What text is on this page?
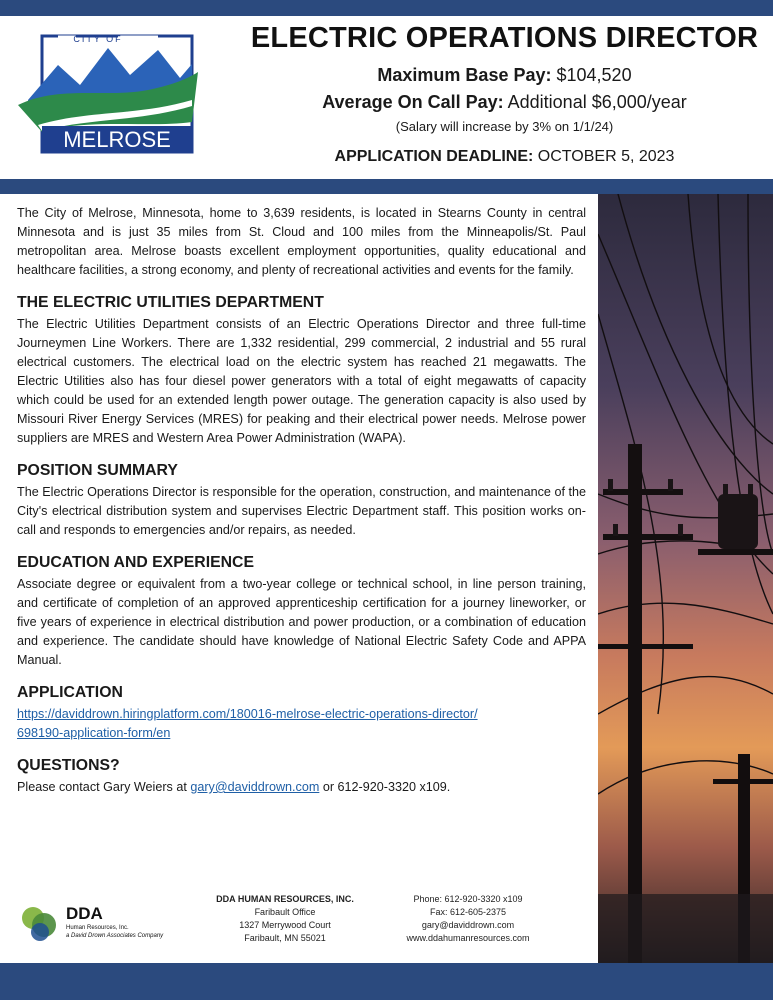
CITY OF
MELROSE
ELECTRIC OPERATIONS DIRECTOR
Maximum Base Pay: $104,520
Average On Call Pay: Additional $6,000/year
(Salary will increase by 3% on 1/1/24)
APPLICATION DEADLINE: OCTOBER 5, 2023

The City of Melrose, Minnesota, home to 3,639 residents, is located in Stearns County in central Minnesota and is just 35 miles from St. Cloud and 100 miles from the Minneapolis/St. Paul metropolitan area. Melrose boasts excellent employment opportunities, quality educational and healthcare facilities, a strong economy, and plenty of recreational activities and events for the family.

THE ELECTRIC UTILITIES DEPARTMENT

The Electric Utilities Department consists of an Electric Operations Director and three full-time Journeymen Line Workers. There are 1,332 residential, 299 commercial, 2 industrial and 55 rural electrical customers. The electrical load on the electric system has reached 21 megawatts. The Electric Utilities also has four diesel power generators with a total of eight megawatts of capacity which could be used for an extended length power outage. The generation capacity is also used by Missouri River Energy Services (MRES) for peaking and their electrical power needs. Melrose power suppliers are MRES and Western Area Power Administration (WAPA).

POSITION SUMMARY

The Electric Operations Director is responsible for the operation, construction, and maintenance of the City's electrical distribution system and supervises Electric Department staff. This position works on-call and responds to emergencies and/or repairs, as needed.

EDUCATION AND EXPERIENCE

Associate degree or equivalent from a two-year college or technical school, in line person training, and certificate of completion of an approved apprenticeship certification for a journey lineworker, or five years of experience in electrical distribution and power production, or a combination of education and experience. The candidate should have knowledge of National Electric Safety Code and APPA Manual.

APPLICATION
https://daviddrown.hiringplatform.com/180016-melrose-electric-operations-director/
698190-application-form/en
QUESTIONS?

Please contact Gary Weiers at gary@daviddrown.com or 612-920-3320 x109.

DDA
Human Resources, Inc.
a David Drown Associates Company
DDA HUMAN RESOURCES, INC.
Faribault Office
1327 Merrywood Court
Faribault, MN 55021
Phone: 612-920-3320 x109
Fax: 612-605-2375
gary@daviddrown.com
www.ddahumanresources.com
